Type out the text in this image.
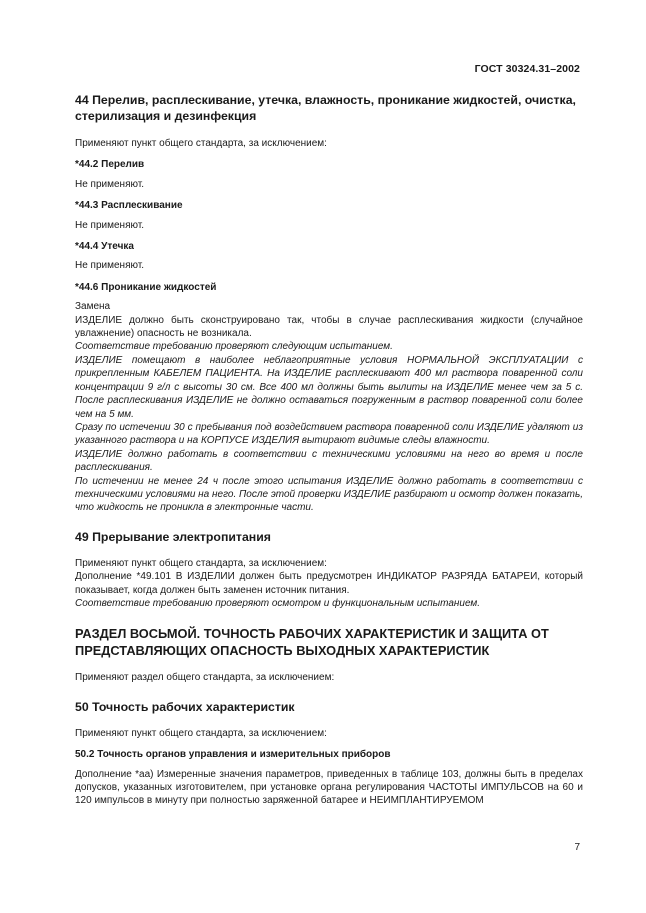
ГОСТ 30324.31–2002
44 Перелив, расплескивание, утечка, влажность, проникание жидкостей, очистка, стерилизация и дезинфекция

Применяют пункт общего стандарта, за исключением:

*44.2 Перелив

Не применяют.

*44.3 Расплескивание

Не применяют.

*44.4 Утечка

Не применяют.

*44.6 Проникание жидкостей

Замена

ИЗДЕЛИЕ должно быть сконструировано так, чтобы в случае расплескивания жидкости (случайное увлажнение) опасность не возникала.

Соответствие требованию проверяют следующим испытанием.

ИЗДЕЛИЕ помещают в наиболее неблагоприятные условия НОРМАЛЬНОЙ ЭКСПЛУАТАЦИИ с прикрепленным КАБЕЛЕМ ПАЦИЕНТА. На ИЗДЕЛИЕ расплескивают 400 мл раствора поваренной соли концентрации 9 г/л с высоты 30 см. Все 400 мл должны быть вылиты на ИЗДЕЛИЕ менее чем за 5 с. После расплескивания ИЗДЕЛИЕ не должно оставаться погруженным в раствор поваренной соли более чем на 5 мм.

Сразу по истечении 30 с пребывания под воздействием раствора поваренной соли ИЗДЕЛИЕ удаляют из указанного раствора и на КОРПУСЕ ИЗДЕЛИЯ вытирают видимые следы влажности.

ИЗДЕЛИЕ должно работать в соответствии с техническими условиями на него во время и после расплескивания.

По истечении не менее 24 ч после этого испытания ИЗДЕЛИЕ должно работать в соответствии с техническими условиями на него. После этой проверки ИЗДЕЛИЕ разбирают и осмотр должен показать, что жидкость не проникла в электронные части.

49 Прерывание электропитания

Применяют пункт общего стандарта, за исключением:

Дополнение *49.101 В ИЗДЕЛИИ должен быть предусмотрен ИНДИКАТОР РАЗРЯДА БАТАРЕИ, который показывает, когда должен быть заменен источник питания.

Соответствие требованию проверяют осмотром и функциональным испытанием.

РАЗДЕЛ ВОСЬМОЙ. ТОЧНОСТЬ РАБОЧИХ ХАРАКТЕРИСТИК И ЗАЩИТА ОТ ПРЕДСТАВЛЯЮЩИХ ОПАСНОСТЬ ВЫХОДНЫХ ХАРАКТЕРИСТИК

Применяют раздел общего стандарта, за исключением:

50 Точность рабочих характеристик

Применяют пункт общего стандарта, за исключением:

50.2 Точность органов управления и измерительных приборов

Дополнение *аа) Измеренные значения параметров, приведенных в таблице 103, должны быть в пределах допусков, указанных изготовителем, при установке органа регулирования ЧАСТОТЫ ИМПУЛЬСОВ на 60 и 120 импульсов в минуту при полностью заряженной батарее и НЕИМПЛАНТИРУЕМОМ

7
